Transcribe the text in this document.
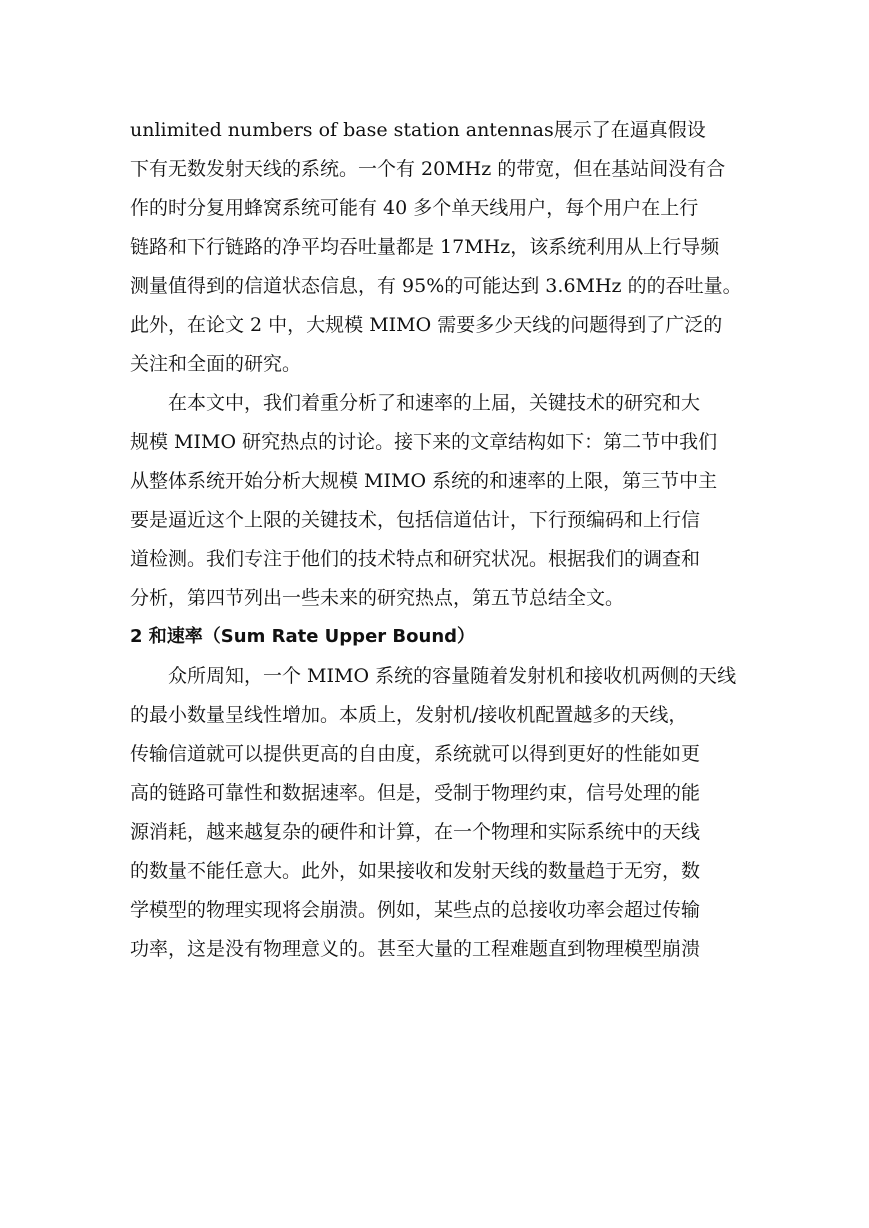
unlimited numbers of base station antennas展示了在逼真假设
下有无数发射天线的系统。一个有 20MHz 的带宽，但在基站间没有合
作的时分复用蜂窝系统可能有 40 多个单天线用户，每个用户在上行
链路和下行链路的净平均吞吐量都是 17MHz，该系统利用从上行导频
测量值得到的信道状态信息，有 95%的可能达到 3.6MHz 的的吞吐量。
此外，在论文 2 中，大规模 MIMO 需要多少天线的问题得到了广泛的
关注和全面的研究。
在本文中，我们着重分析了和速率的上届，关键技术的研究和大
规模 MIMO 研究热点的讨论。接下来的文章结构如下：第二节中我们
从整体系统开始分析大规模 MIMO 系统的和速率的上限，第三节中主
要是逼近这个上限的关键技术，包括信道估计，下行预编码和上行信
道检测。我们专注于他们的技术特点和研究状况。根据我们的调查和
分析，第四节列出一些未来的研究热点，第五节总结全文。
2 和速率（Sum Rate Upper Bound）
众所周知，一个 MIMO 系统的容量随着发射机和接收机两侧的天线
的最小数量呈线性增加。本质上，发射机/接收机配置越多的天线，
传输信道就可以提供更高的自由度，系统就可以得到更好的性能如更
高的链路可靠性和数据速率。但是，受制于物理约束，信号处理的能
源消耗，越来越复杂的硬件和计算，在一个物理和实际系统中的天线
的数量不能任意大。此外，如果接收和发射天线的数量趋于无穷，数
学模型的物理实现将会崩溃。例如，某些点的总接收功率会超过传输
功率，这是没有物理意义的。甚至大量的工程难题直到物理模型崩溃
